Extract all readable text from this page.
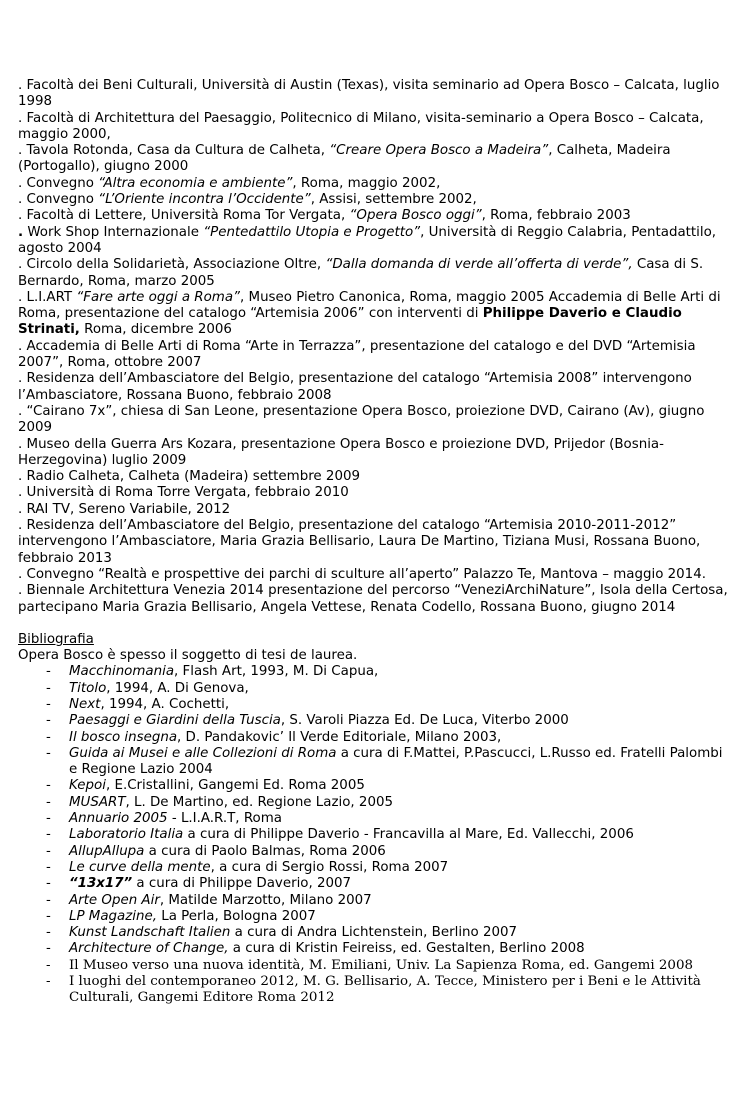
. Facoltà dei Beni Culturali, Università di Austin (Texas), visita seminario ad Opera Bosco – Calcata, luglio 1998
. Facoltà di Architettura del Paesaggio, Politecnico di Milano, visita-seminario a Opera Bosco – Calcata, maggio 2000,
. Tavola Rotonda, Casa da Cultura de Calheta, “Creare Opera Bosco a Madeira”, Calheta, Madeira (Portogallo), giugno 2000
. Convegno “Altra economia e ambiente”, Roma, maggio 2002,
. Convegno “L’Oriente incontra l’Occidente”, Assisi, settembre 2002,
. Facoltà di Lettere, Università Roma Tor Vergata, “Opera Bosco oggi”, Roma, febbraio 2003
. Work Shop Internazionale “Pentedattilo Utopia e Progetto”, Università di Reggio Calabria, Pentadattilo, agosto 2004
. Circolo della Solidarietà, Associazione Oltre, “Dalla domanda di verde all’offerta di verde”, Casa di S. Bernardo, Roma, marzo 2005
. L.I.ART “Fare arte oggi a Roma”, Museo Pietro Canonica, Roma, maggio 2005 Accademia di Belle Arti di Roma, presentazione del catalogo “Artemisia 2006” con interventi di Philippe Daverio e Claudio Strinati, Roma, dicembre 2006
. Accademia di Belle Arti di Roma “Arte in Terrazza”, presentazione del catalogo e del DVD “Artemisia 2007”, Roma, ottobre 2007
. Residenza dell’Ambasciatore del Belgio, presentazione del catalogo “Artemisia 2008” intervengono l’Ambasciatore, Rossana Buono, febbraio 2008
. “Cairano 7x”, chiesa di San Leone, presentazione Opera Bosco, proiezione DVD, Cairano (Av), giugno 2009
. Museo della Guerra Ars Kozara, presentazione Opera Bosco e proiezione DVD, Prijedor (Bosnia-Herzegovina) luglio 2009
. Radio Calheta, Calheta (Madeira) settembre 2009
. Università di Roma Torre Vergata, febbraio 2010
. RAI TV, Sereno Variabile, 2012
. Residenza dell’Ambasciatore del Belgio, presentazione del catalogo “Artemisia 2010-2011-2012” intervengono l’Ambasciatore, Maria Grazia Bellisario, Laura De Martino, Tiziana Musi, Rossana Buono, febbraio 2013
. Convegno “Realtà e prospettive dei parchi di sculture all’aperto” Palazzo Te, Mantova – maggio 2014.
. Biennale Architettura Venezia 2014 presentazione del percorso “VeneziArchiNature”, Isola della Certosa, partecipano Maria Grazia Bellisario, Angela Vettese, Renata Codello, Rossana Buono, giugno 2014
Bibliografia
Opera Bosco è spesso il soggetto di tesi de laurea.
- Macchinomania, Flash Art, 1993, M. Di Capua,
- Titolo, 1994, A. Di Genova,
- Next, 1994, A. Cochetti,
- Paesaggi e Giardini della Tuscia, S. Varoli Piazza Ed. De Luca, Viterbo 2000
- Il bosco insegna, D. Pandakovic’ Il Verde Editoriale, Milano 2003,
- Guida ai Musei e alle Collezioni di Roma a cura di F.Mattei, P.Pascucci, L.Russo ed. Fratelli Palombi e Regione Lazio 2004
- Kepoi, E.Cristallini, Gangemi Ed. Roma 2005
- MUSART, L. De Martino, ed. Regione Lazio, 2005
- Annuario 2005 - L.I.A.R.T, Roma
- Laboratorio Italia a cura di Philippe Daverio - Francavilla al Mare, Ed. Vallecchi, 2006
- AllupAllupa a cura di Paolo Balmas, Roma 2006
- Le curve della mente, a cura di Sergio Rossi, Roma 2007
- “13x17” a cura di Philippe Daverio, 2007
- Arte Open Air, Matilde Marzotto, Milano 2007
- LP Magazine, La Perla, Bologna 2007
- Kunst Landschaft Italien a cura di Andra Lichtenstein, Berlino 2007
- Architecture of Change, a cura di Kristin Feireiss, ed. Gestalten, Berlino 2008
- Il Museo verso una nuova identità, M. Emiliani, Univ. La Sapienza Roma, ed. Gangemi 2008
- I luoghi del contemporaneo 2012, M. G. Bellisario, A. Tecce, Ministero per i Beni e le Attività Culturali, Gangemi Editore Roma 2012
